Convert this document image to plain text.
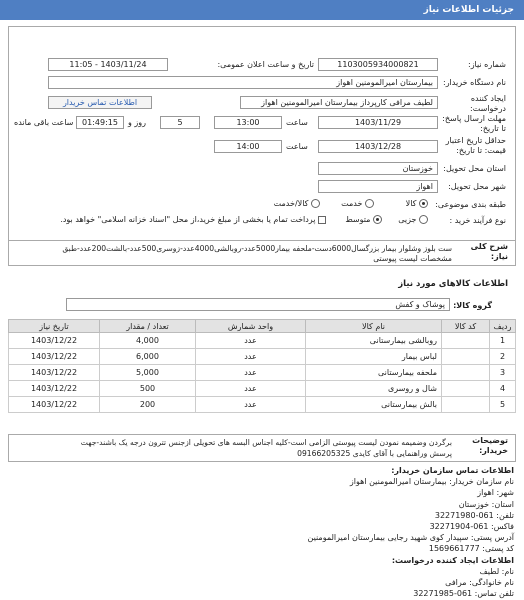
جزئیات اطلاعات نیاز
شماره نیاز:
1103005934000821
تاریخ و ساعت اعلان عمومی:
1403/11/24 - 11:05
نام دستگاه خریدار:
بیمارستان امیرالمومنین اهواز
ایجاد کننده درخواست:
لطیف مرافی کارپرداز بیمارستان امیرالمومنین اهواز
اطلاعات تماس خریدار
مهلت ارسال پاسخ: تا تاریخ:
1403/11/29
ساعت
13:00
5
روز و
01:49:15
ساعت باقی مانده
حداقل تاریخ اعتبار قیمت: تا تاریخ:
1403/12/28
ساعت
14:00
استان محل تحویل:
خوزستان
شهر محل تحویل:
اهواز
طبقه بندی موضوعی:
کالا
خدمت
کالا/خدمت
نوع فرآیند خرید :
جزیی
متوسط
پرداخت تمام یا بخشی از مبلغ خرید،از محل "اسناد خزانه اسلامی" خواهد بود.
شرح کلی نیاز:
ست بلوز وشلوار بیمار بزرگسال6000دست-ملحفه بیمار5000عدد-روبالشی4000عدد-زوسری500عدد-بالشت200عدد-طبق
مشخصات لیست پیوستی
اطلاعات کالاهای مورد نیاز
گروه کالا:
پوشاک و کفش
ردیف	کد کالا	نام کالا	واحد شمارش	تعداد / مقدار	تاریخ نیاز
1		روبالشی بیمارستانی	عدد	4,000	1403/12/22
2		لباس بیمار	عدد	6,000	1403/12/22
3		ملحفه بیمارستانی	عدد	5,000	1403/12/22
4		شال و روسری	عدد	500	1403/12/22
5		بالش بیمارستانی	عدد	200	1403/12/22
توضیحات خریدار:
برگردن وضمیمه نمودن لیست پیوستی الزامی است-کلیه اجناس البسه های تحویلی ازجنس تترون درجه یک باشند-جهت
پرسش وراهنمایی با آقای کایدی 09166205325
اطلاعات تماس سازمان خریدار:
نام سازمان خریدار: بیمارستان امیرالمومنین اهواز
شهر: اهواز
استان: خوزستان
تلفن: 061-32271980
فاکس: 061-32271904
آدرس پستی: سپیدار کوی شهید رجایی بیمارستان امیرالمومنین
کد پستی: 1569661777
اطلاعات ایجاد کننده درخواست:
نام: لطیف
نام خانوادگی: مرافی
تلفن تماس: 061-32271985
